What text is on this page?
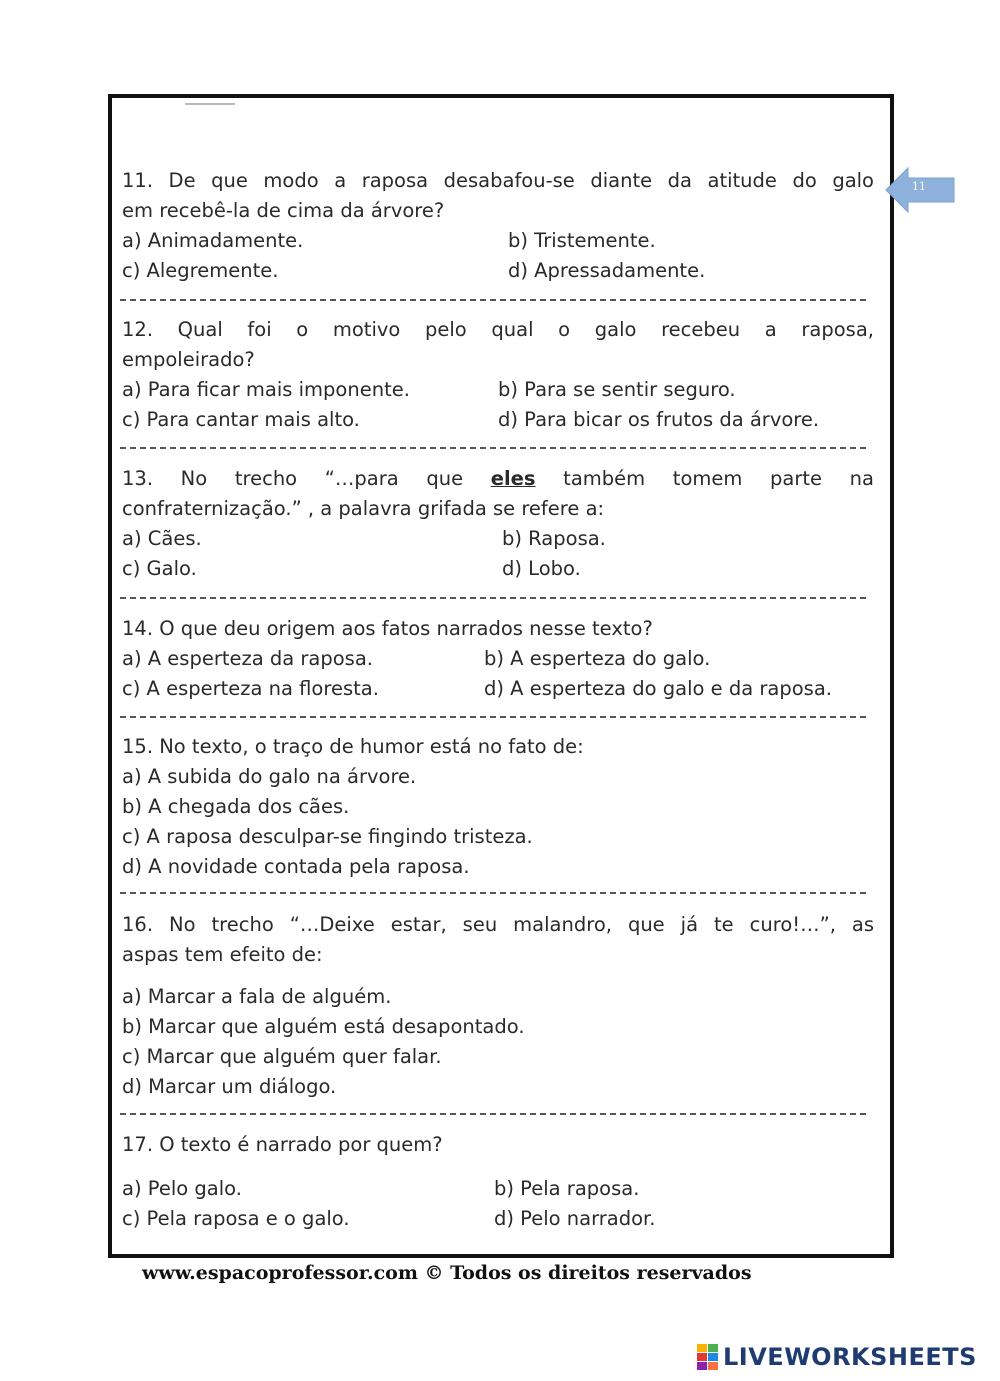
11
11. De que modo a raposa desabafou-se diante da atitude do galo
em recebê-la de cima da árvore?
a) Animadamente.	b) Tristemente.
c) Alegremente.	d) Apressadamente.
12. Qual foi o motivo pelo qual o galo recebeu a raposa,
empoleirado?
a) Para ficar mais imponente.	b) Para se sentir seguro.
c) Para cantar mais alto.	d) Para bicar os frutos da árvore.
13. No trecho “…para que eles também tomem parte na
confraternização.” , a palavra grifada se refere a:
a) Cães.	b) Raposa.
c) Galo.	d) Lobo.
14. O que deu origem aos fatos narrados nesse texto?
a) A esperteza da raposa.	b) A esperteza do galo.
c) A esperteza na floresta.	d) A esperteza do galo e da raposa.
15. No texto, o traço de humor está no fato de:
a) A subida do galo na árvore.
b) A chegada dos cães.
c) A raposa desculpar-se fingindo tristeza.
d) A novidade contada pela raposa.
16. No trecho “…Deixe estar, seu malandro, que já te curo!…”, as
aspas tem efeito de:
a) Marcar a fala de alguém.
b) Marcar que alguém está desapontado.
c) Marcar que alguém quer falar.
d) Marcar um diálogo.
17. O texto é narrado por quem?
a) Pelo galo.	b) Pela raposa.
c) Pela raposa e o galo.	d) Pelo narrador.
www.espacoprofessor.com © Todos os direitos reservados
LIVEWORKSHEETS
